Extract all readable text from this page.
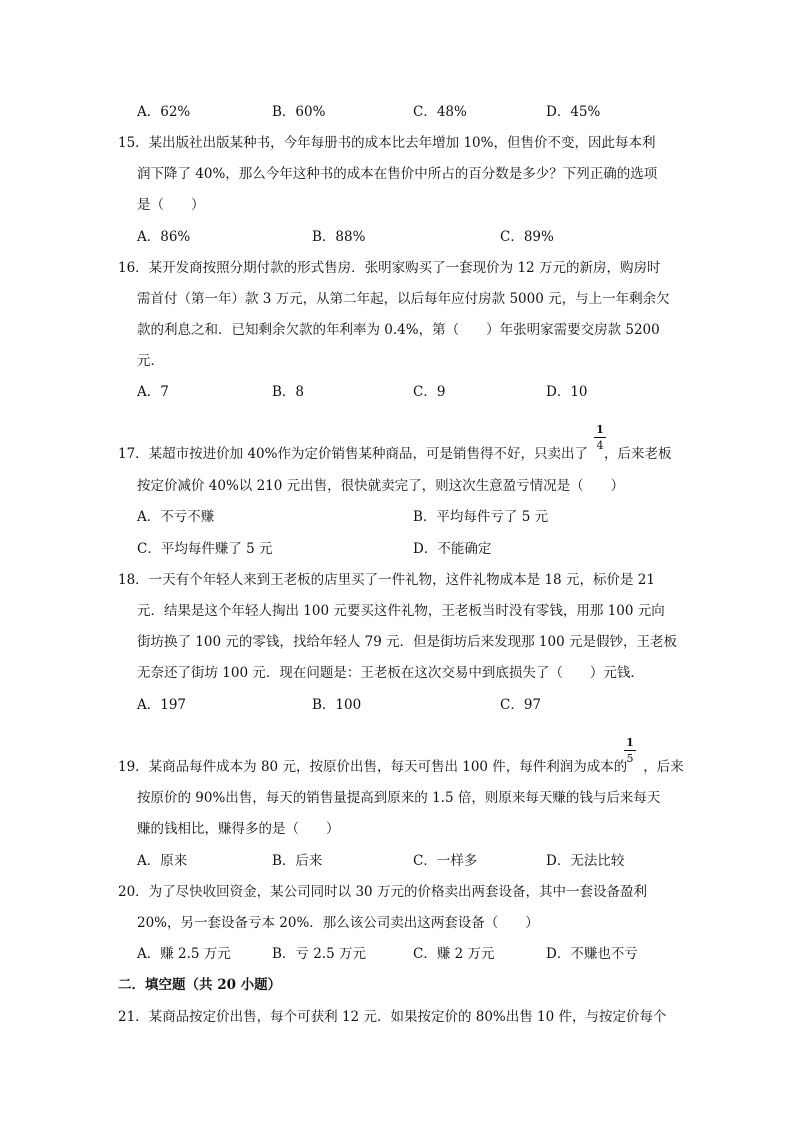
A．62%	B．60%	C．48%	D．45%
15．某出版社出版某种书，今年每册书的成本比去年增加 10%，但售价不变，因此每本利
润下降了 40%，那么今年这种书的成本在售价中所占的百分数是多少？下列正确的选项
是（　　）
A．86%	B．88%	C．89%
16．某开发商按照分期付款的形式售房．张明家购买了一套现价为 12 万元的新房，购房时
需首付（第一年）款 3 万元，从第二年起，以后每年应付房款 5000 元，与上一年剩余欠
款的利息之和．已知剩余欠款的年利率为 0.4%，第（　　）年张明家需要交房款 5200
元．
A．7	B．8	C．9	D．10
17．某超市按进价加 40%作为定价销售某种商品，可是销售得不好，只卖出了 ，后来老板
$\frac{1}{4}$
按定价减价 40%以 210 元出售，很快就卖完了，则这次生意盈亏情况是（　　）
A．不亏不赚	B．平均每件亏了 5 元
C．平均每件赚了 5 元	D．不能确定
18．一天有个年轻人来到王老板的店里买了一件礼物，这件礼物成本是 18 元，标价是 21
元．结果是这个年轻人掏出 100 元要买这件礼物，王老板当时没有零钱，用那 100 元向
街坊换了 100 元的零钱，找给年轻人 79 元．但是街坊后来发现那 100 元是假钞，王老板
无奈还了街坊 100 元．现在问题是：王老板在这次交易中到底损失了（　　）元钱．
A．197	B．100	C．97
19．某商品每件成本为 80 元，按原价出售，每天可售出 100 件，每件利润为成本的 ，后来
$\frac{1}{5}$
按原价的 90%出售，每天的销售量提高到原来的 1.5 倍，则原来每天赚的钱与后来每天
赚的钱相比，赚得多的是（　　）
A．原来	B．后来	C．一样多	D．无法比较
20．为了尽快收回资金，某公司同时以 30 万元的价格卖出两套设备，其中一套设备盈利
20%，另一套设备亏本 20%．那么该公司卖出这两套设备（　　）
A．赚 2.5 万元	B．亏 2.5 万元	C．赚 2 万元	D．不赚也不亏
二．填空题（共 20 小题）
21．某商品按定价出售，每个可获利 12 元．如果按定价的 80%出售 10 件，与按定价每个
